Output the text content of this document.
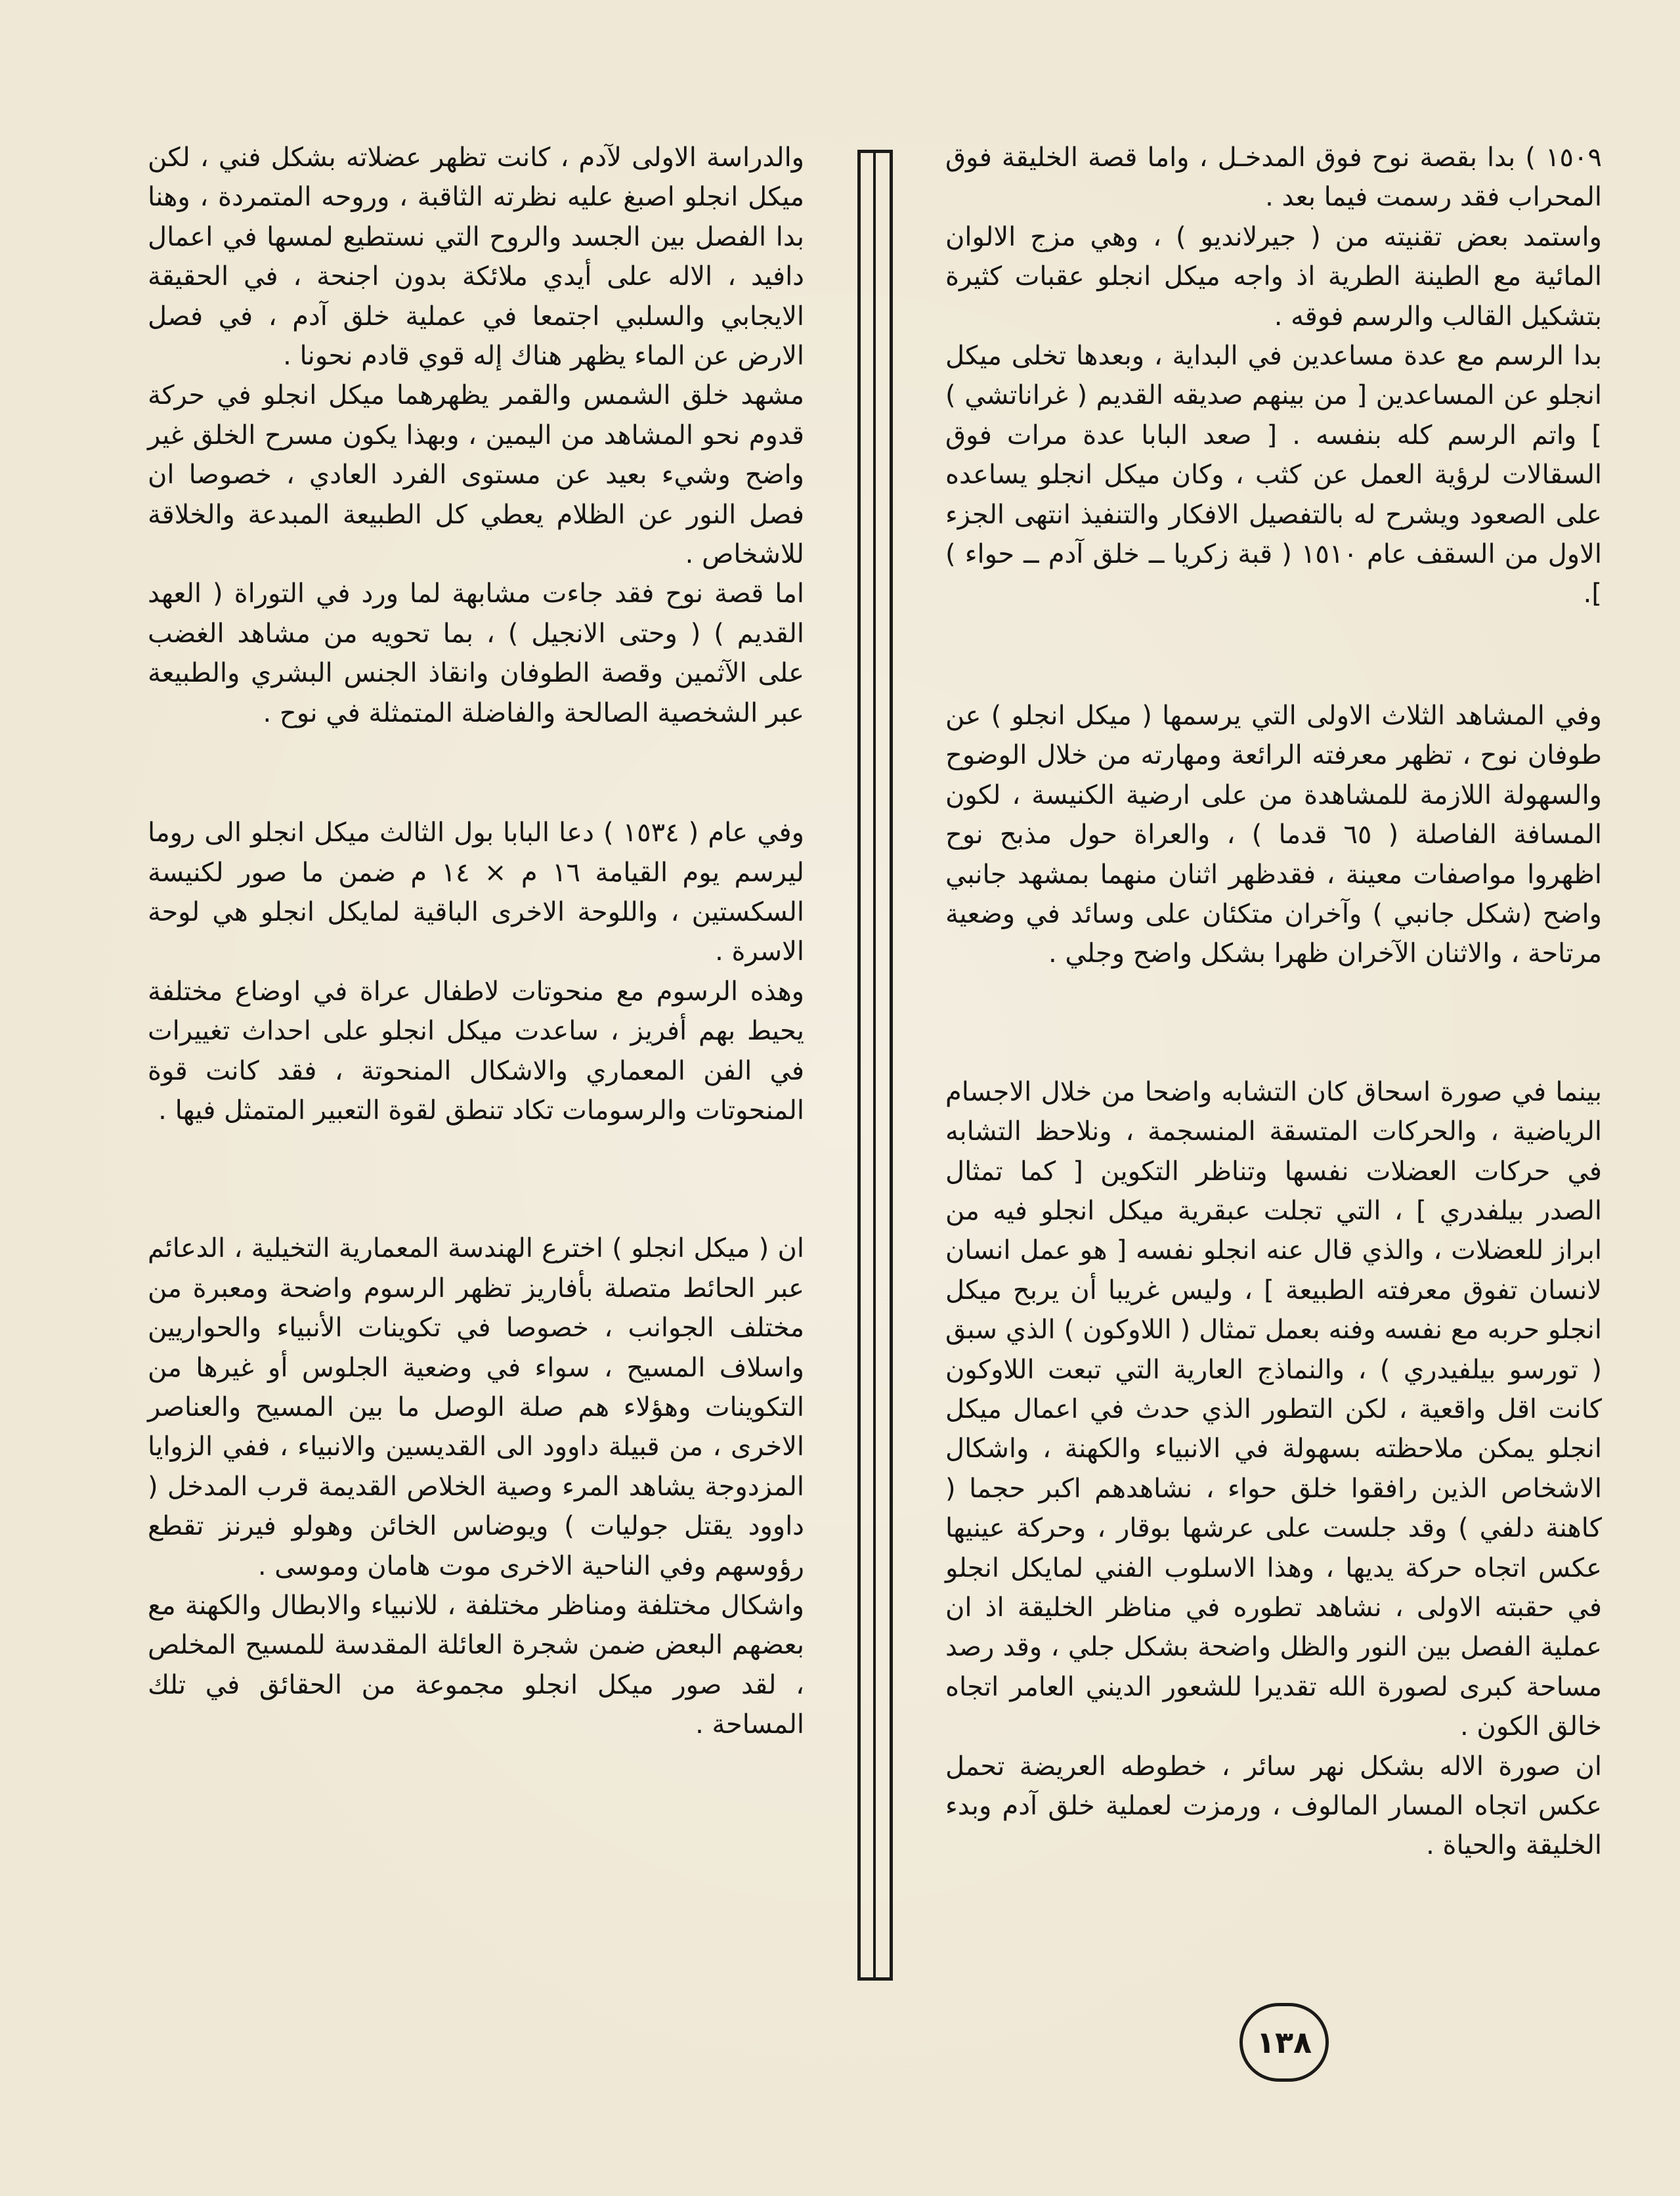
١٥٠٩ ) بدا بقصة نوح فوق المدخـل ، واما قصة الخليقة فوق المحراب فقد رسمت فيما بعد .

واستمد بعض تقنيته من ( جيرلانديو ) ، وهي مزج الالوان المائية مع الطينة الطرية اذ واجه ميكل انجلو عقبات كثيرة بتشكيل القالب والرسم فوقه .

بدا الرسم مع عدة مساعدين في البداية ، وبعدها تخلى ميكل انجلو عن المساعدين [ من بينهم صديقه القديم ( غراناتشي ) ] واتم الرسم كله بنفسه . [ صعد البابا عدة مرات فوق السقالات لرؤية العمل عن كثب ، وكان ميكل انجلو يساعده على الصعود ويشرح له بالتفصيل الافكار والتنفيذ انتهى الجزء الاول من السقف عام ١٥١٠ ( قبة زكريا ــ خلق آدم ــ حواء ) ].

وفي المشاهد الثلاث الاولى التي يرسمها ( ميكل انجلو ) عن طوفان نوح ، تظهر معرفته الرائعة ومهارته من خلال الوضوح والسهولة اللازمة للمشاهدة من على ارضية الكنيسة ، لكون المسافة الفاصلة ( ٦٥ قدما ) ، والعراة حول مذبح نوح اظهروا مواصفات معينة ، فقدظهر اثنان منهما بمشهد جانبي واضح (شكل جانبي ) وآخران متكئان على وسائد في وضعية مرتاحة ، والاثنان الآخران ظهرا بشكل واضح وجلي .

بينما في صورة اسحاق كان التشابه واضحا من خلال الاجسام الرياضية ، والحركات المتسقة المنسجمة ، ونلاحظ التشابه في حركات العضلات نفسها وتناظر التكوين [ كما تمثال الصدر بيلفدري ] ، التي تجلت عبقرية ميكل انجلو فيه من ابراز للعضلات ، والذي قال عنه انجلو نفسه [ هو عمل انسان لانسان تفوق معرفته الطبيعة ] ، وليس غريبا أن يربح ميكل انجلو حربه مع نفسه وفنه بعمل تمثال ( اللاوكون ) الذي سبق ( تورسو بيلفيدري ) ، والنماذج العارية التي تبعت اللاوكون كانت اقل واقعية ، لكن التطور الذي حدث في اعمال ميكل انجلو يمكن ملاحظته بسهولة في الانبياء والكهنة ، واشكال الاشخاص الذين رافقوا خلق حواء ، نشاهدهم اكبر حجما ( كاهنة دلفي ) وقد جلست على عرشها بوقار ، وحركة عينيها عكس اتجاه حركة يديها ، وهذا الاسلوب الفني لمايكل انجلو في حقبته الاولى ، نشاهد تطوره في مناظر الخليقة اذ ان عملية الفصل بين النور والظل واضحة بشكل جلي ، وقد رصد مساحة كبرى لصورة الله تقديرا للشعور الديني العامر اتجاه خالق الكون .

ان صورة الاله بشكل نهر سائر ، خطوطه العريضة تحمل عكس اتجاه المسار المالوف ، ورمزت لعملية خلق آدم وبدء الخليقة والحياة .

والدراسة الاولى لآدم ، كانت تظهر عضلاته بشكل فني ، لكن ميكل انجلو اصبغ عليه نظرته الثاقبة ، وروحه المتمردة ، وهنا بدا الفصل بين الجسد والروح التي نستطيع لمسها في اعمال دافيد ، الاله على أيدي ملائكة بدون اجنحة ، في الحقيقة الايجابي والسلبي اجتمعا في عملية خلق آدم ، في فصل الارض عن الماء يظهر هناك إله قوي قادم نحونا .

مشهد خلق الشمس والقمر يظهرهما ميكل انجلو في حركة قدوم نحو المشاهد من اليمين ، وبهذا يكون مسرح الخلق غير واضح وشيء بعيد عن مستوى الفرد العادي ، خصوصا ان فصل النور عن الظلام يعطي كل الطبيعة المبدعة والخلاقة للاشخاص .

اما قصة نوح فقد جاءت مشابهة لما ورد في التوراة ( العهد القديم ) ( وحتى الانجيل ) ، بما تحويه من مشاهد الغضب على الآثمين وقصة الطوفان وانقاذ الجنس البشري والطبيعة عبر الشخصية الصالحة والفاضلة المتمثلة في نوح .

وفي عام ( ١٥٣٤ ) دعا البابا بول الثالث ميكل انجلو الى روما ليرسم يوم القيامة ١٦ م × ١٤ م ضمن ما صور لكنيسة السكستين ، واللوحة الاخرى الباقية لمايكل انجلو هي لوحة الاسرة .

وهذه الرسوم مع منحوتات لاطفال عراة في اوضاع مختلفة يحيط بهم أفريز ، ساعدت ميكل انجلو على احداث تغييرات في الفن المعماري والاشكال المنحوتة ، فقد كانت قوة المنحوتات والرسومات تكاد تنطق لقوة التعبير المتمثل فيها .

ان ( ميكل انجلو ) اخترع الهندسة المعمارية التخيلية ، الدعائم عبر الحائط متصلة بأفاريز تظهر الرسوم واضحة ومعبرة من مختلف الجوانب ، خصوصا في تكوينات الأنبياء والحواريين واسلاف المسيح ، سواء في وضعية الجلوس أو غيرها من التكوينات وهؤلاء هم صلة الوصل ما بين المسيح والعناصر الاخرى ، من قبيلة داوود الى القديسين والانبياء ، ففي الزوايا المزدوجة يشاهد المرء وصية الخلاص القديمة قرب المدخل ( داوود يقتل جوليات ) ويوضاس الخائن وهولو فيرنز تقطع رؤوسهم وفي الناحية الاخرى موت هامان وموسى .

واشكال مختلفة ومناظر مختلفة ، للانبياء والابطال والكهنة مع بعضهم البعض ضمن شجرة العائلة المقدسة للمسيح المخلص ، لقد صور ميكل انجلو مجموعة من الحقائق في تلك المساحة .

١٣٨
